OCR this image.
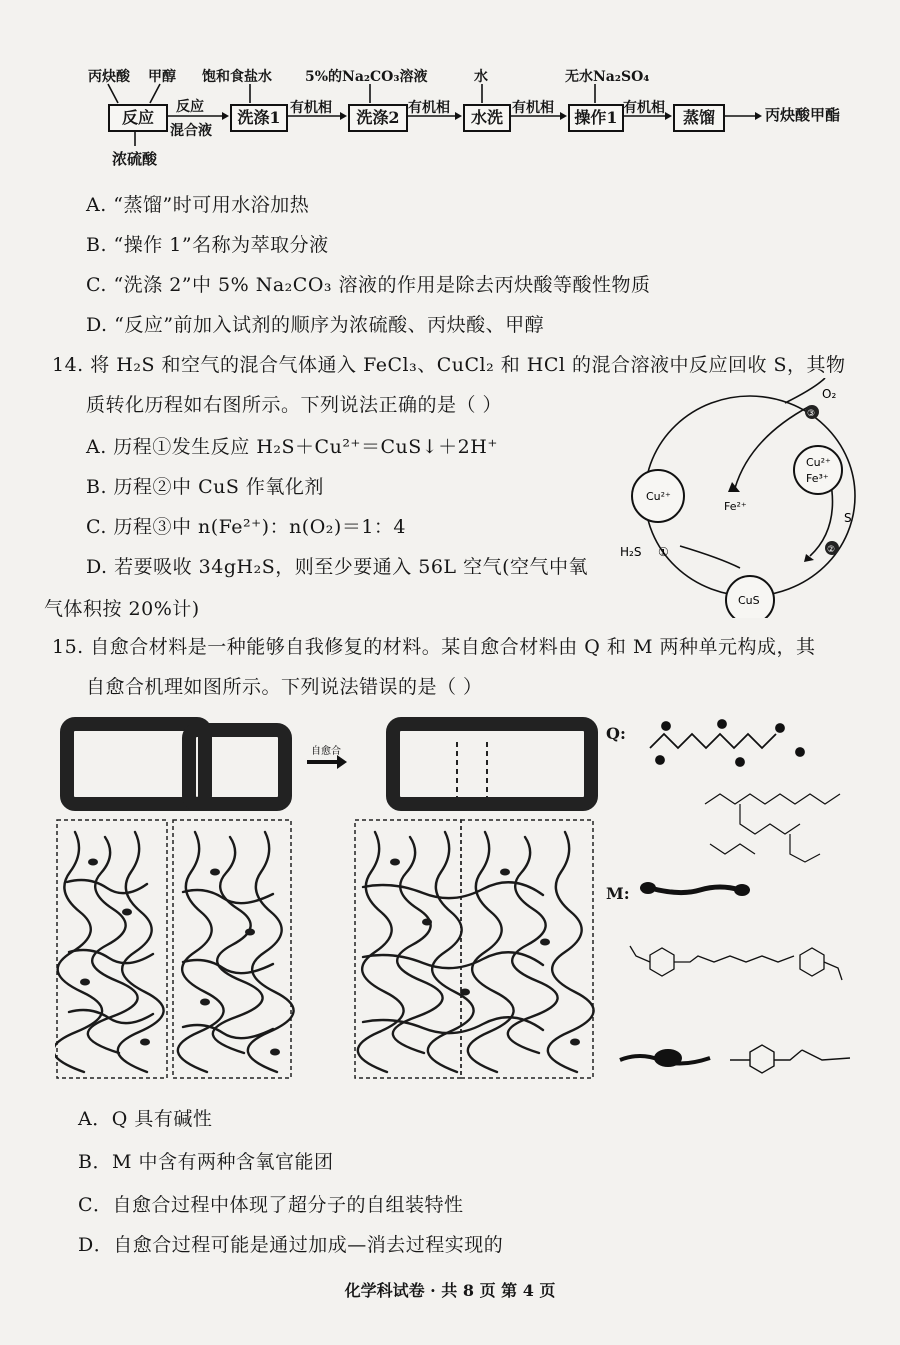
丙炔酸 甲醇 饱和食盐水 5%的Na₂CO₃溶液	水	无水Na₂SO₄
反应	洗涤1	洗涤2	水洗	操作1	蒸馏
反应
混合液
有机相	有机相	有机相	有机相	丙炔酸甲酯
浓硫酸
A. “蒸馏”时可用水浴加热
B. “操作 1”名称为萃取分液
C. “洗涤 2”中 5% Na₂CO₃ 溶液的作用是除去丙炔酸等酸性物质
D. “反应”前加入试剂的顺序为浓硫酸、丙炔酸、甲醇
14. 将 H₂S 和空气的混合气体通入 FeCl₃、CuCl₂ 和 HCl 的混合溶液中反应回收 S，其物
质转化历程如右图所示。下列说法正确的是（ ）
A. 历程①发生反应 H₂S＋Cu²⁺＝CuS↓＋2H⁺
B. 历程②中 CuS 作氧化剂
C. 历程③中 n(Fe²⁺)：n(O₂)＝1：4
D. 若要吸收 34gH₂S，则至少要通入 56L 空气(空气中氧
气体积按 20%计)
O₂
③
Cu²⁺
Cu²⁺
Fe³⁺
Fe²⁺
②
S
H₂S ①
CuS
15. 自愈合材料是一种能够自我修复的材料。某自愈合材料由 Q 和 M 两种单元构成，其
自愈合机理如图所示。下列说法错误的是（ ）
自愈合
Q:
M:
A．Q 具有碱性
B．M 中含有两种含氧官能团
C．自愈合过程中体现了超分子的自组装特性
D．自愈合过程可能是通过加成—消去过程实现的
化学科试卷 · 共 8 页 第 4 页
